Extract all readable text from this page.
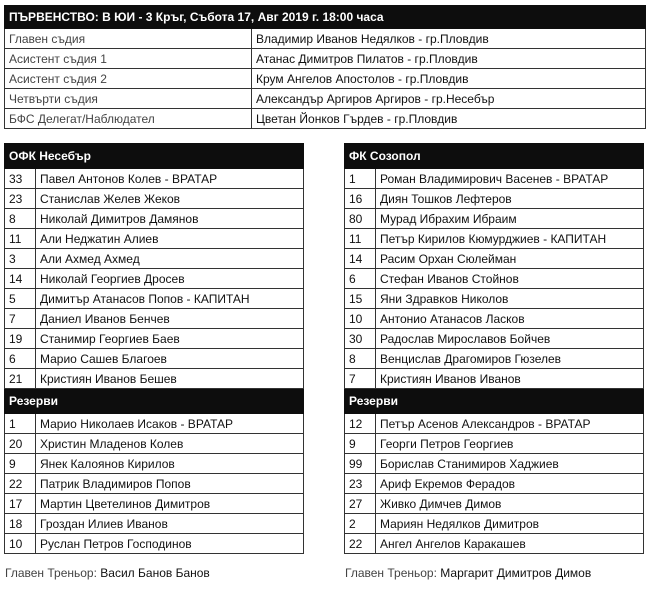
ПЪРВЕНСТВО: В ЮИ - 3 Кръг, Събота 17, Авг 2019 г. 18:00 часа	
Главен съдия	Владимир Иванов Недялков - гр.Пловдив
Асистент съдия 1	Атанас Димитров Пилатов - гр.Пловдив
Асистент съдия 2	Крум Ангелов Апостолов - гр.Пловдив
Четвърти съдия	Александър Аргиров Аргиров - гр.Несебър
БФС Делегат/Наблюдател	Цветан Йонков Гърдев - гр.Пловдив
ОФК Несебър	
33	Павел Антонов Колев - ВРАТАР
23	Станислав Желев Жеков
8	Николай Димитров Дамянов
11	Али Неджатин Алиев
3	Али Ахмед Ахмед
14	Николай Георгиев Дросев
5	Димитър Атанасов Попов - КАПИТАН
7	Даниел Иванов Бенчев
19	Станимир Георгиев Баев
6	Марио Сашев Благоев
21	Кристиян Иванов Бешев
Резерви	
1	Марио Николаев Исаков - ВРАТАР
20	Христин Младенов Колев
9	Янек Калоянов Кирилов
22	Патрик Владимиров Попов
17	Мартин Цветелинов Димитров
18	Гроздан Илиев Иванов
10	Руслан Петров Господинов
Главен Треньор: Васил Банов Банов
ФК Созопол	
1	Роман Владимирович Васенев - ВРАТАР
16	Диян Тошков Лефтеров
80	Мурад Ибрахим Ибраим
11	Петър Кирилов Кюмурджиев - КАПИТАН
14	Расим Орхан Сюлейман
6	Стефан Иванов Стойнов
15	Яни Здравков Николов
10	Антонио Атанасов Ласков
30	Радослав Мирославов Бойчев
8	Венцислав Драгомиров Гюзелев
7	Кристиян Иванов Иванов
Резерви	
12	Петър Асенов Александров - ВРАТАР
9	Георги Петров Георгиев
99	Борислав Станимиров Хаджиев
23	Ариф Екремов Ферадов
27	Живко Димчев Димов
2	Мариян Недялков Димитров
22	Ангел Ангелов Каракашев
Главен Треньор: Маргарит Димитров Димов
